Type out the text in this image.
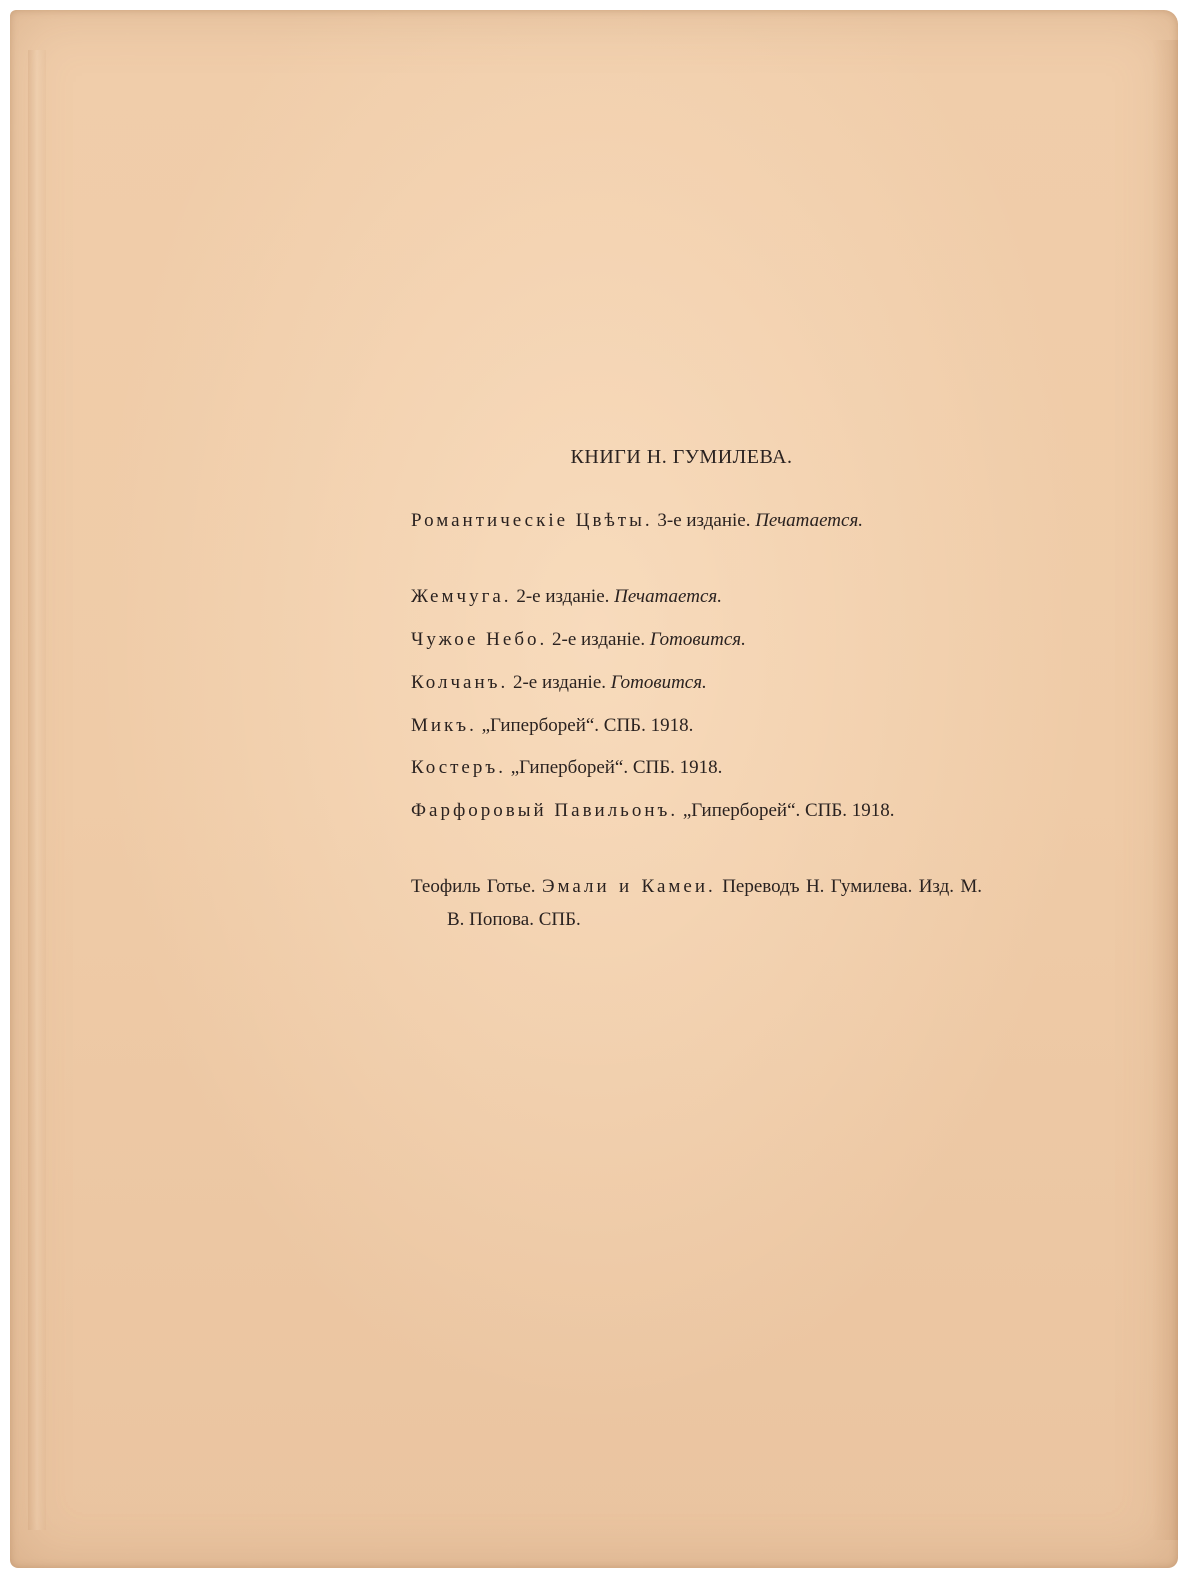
КНИГИ Н. ГУМИЛЕВА.
Романтическіе Цвѣты. 3-е изданіе. Печатается.
Жемчуга. 2-е изданіе. Печатается.
Чужое Небо. 2-е изданіе. Готовится.
Колчанъ. 2-е изданіе. Готовится.
Микъ. „Гиперборей“. СПБ. 1918.
Костеръ. „Гиперборей“. СПБ. 1918.
Фарфоровый Павильонъ. „Гиперборей“. СПБ. 1918.
Теофиль Готье. Эмали и Камеи. Переводъ Н. Гумилева. Изд. М. В. Попова. СПБ.
